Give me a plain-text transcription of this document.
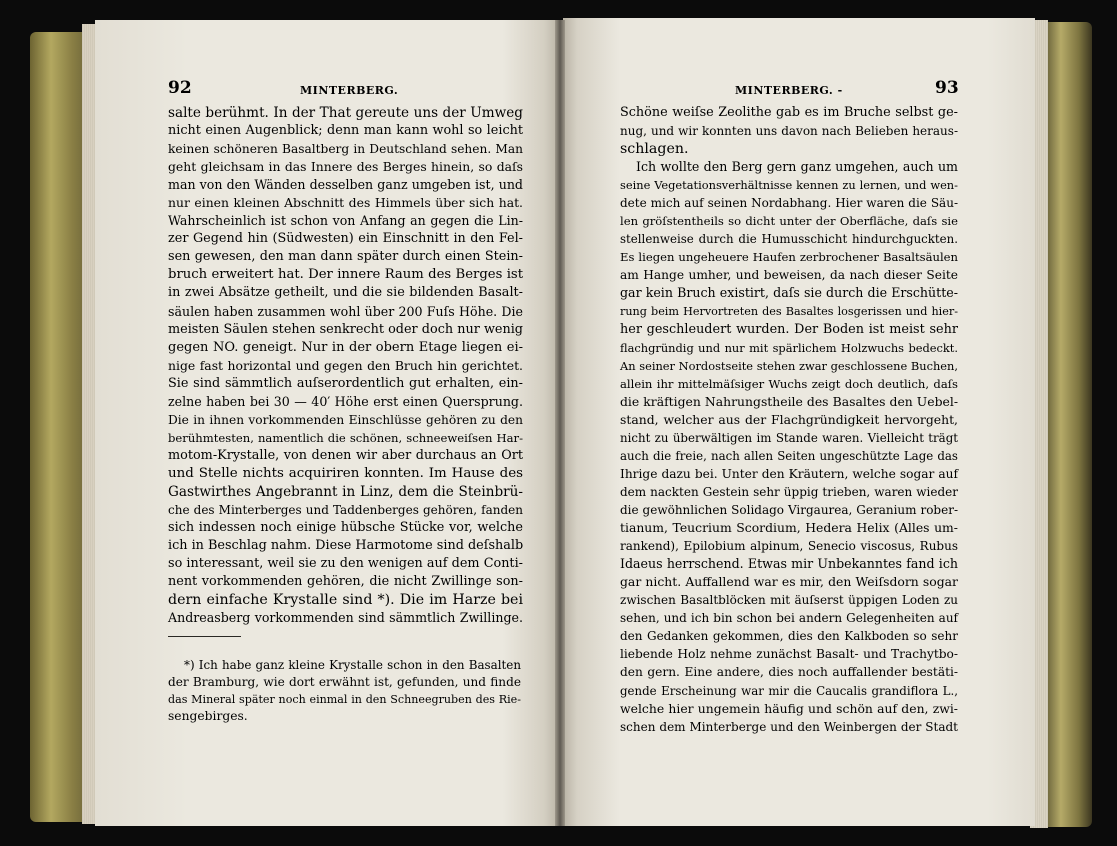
92	MINTERBERG.
salte berühmt. In der That gereute uns der Umweg
nicht einen Augenblick; denn man kann wohl so leicht
keinen schöneren Basaltberg in Deutschland sehen. Man
geht gleichsam in das Innere des Berges hinein, so daſs
man von den Wänden desselben ganz umgeben ist, und
nur einen kleinen Abschnitt des Himmels über sich hat.
Wahrscheinlich ist schon von Anfang an gegen die Lin-
zer Gegend hin (Südwesten) ein Einschnitt in den Fel-
sen gewesen, den man dann später durch einen Stein-
bruch erweitert hat. Der innere Raum des Berges ist
in zwei Absätze getheilt, und die sie bildenden Basalt-
säulen haben zusammen wohl über 200 Fuſs Höhe. Die
meisten Säulen stehen senkrecht oder doch nur wenig
gegen NO. geneigt. Nur in der obern Etage liegen ei-
nige fast horizontal und gegen den Bruch hin gerichtet.
Sie sind sämmtlich auſserordentlich gut erhalten, ein-
zelne haben bei 30 — 40′ Höhe erst einen Quersprung.
Die in ihnen vorkommenden Einschlüsse gehören zu den
berühmtesten, namentlich die schönen, schneeweiſsen Har-
motom-Krystalle, von denen wir aber durchaus an Ort
und Stelle nichts acquiriren konnten. Im Hause des
Gastwirthes Angebrannt in Linz, dem die Steinbrü-
che des Minterberges und Taddenberges gehören, fanden
sich indessen noch einige hübsche Stücke vor, welche
ich in Beschlag nahm. Diese Harmotome sind deſshalb
so interessant, weil sie zu den wenigen auf dem Conti-
nent vorkommenden gehören, die nicht Zwillinge son-
dern einfache Krystalle sind *). Die im Harze bei
Andreasberg vorkommenden sind sämmtlich Zwillinge.
*) Ich habe ganz kleine Krystalle schon in den Basalten
der Bramburg, wie dort erwähnt ist, gefunden, und finde
das Mineral später noch einmal in den Schneegruben des Rie-
sengebirges.
MINTERBERG. -	93
Schöne weiſse Zeolithe gab es im Bruche selbst ge-
nug, und wir konnten uns davon nach Belieben heraus-
schlagen.
Ich wollte den Berg gern ganz umgehen, auch um
seine Vegetationsverhältnisse kennen zu lernen, und wen-
dete mich auf seinen Nordabhang. Hier waren die Säu-
len gröſstentheils so dicht unter der Oberfläche, daſs sie
stellenweise durch die Humusschicht hindurchguckten.
Es liegen ungeheuere Haufen zerbrochener Basaltsäulen
am Hange umher, und beweisen, da nach dieser Seite
gar kein Bruch existirt, daſs sie durch die Erschütte-
rung beim Hervortreten des Basaltes losgerissen und hier-
her geschleudert wurden. Der Boden ist meist sehr
flachgründig und nur mit spärlichem Holzwuchs bedeckt.
An seiner Nordostseite stehen zwar geschlossene Buchen,
allein ihr mittelmäſsiger Wuchs zeigt doch deutlich, daſs
die kräftigen Nahrungstheile des Basaltes den Uebel-
stand, welcher aus der Flachgründigkeit hervorgeht,
nicht zu überwältigen im Stande waren. Vielleicht trägt
auch die freie, nach allen Seiten ungeschützte Lage das
Ihrige dazu bei. Unter den Kräutern, welche sogar auf
dem nackten Gestein sehr üppig trieben, waren wieder
die gewöhnlichen Solidago Virgaurea, Geranium rober-
tianum, Teucrium Scordium, Hedera Helix (Alles um-
rankend), Epilobium alpinum, Senecio viscosus, Rubus
Idaeus herrschend. Etwas mir Unbekanntes fand ich
gar nicht. Auffallend war es mir, den Weiſsdorn sogar
zwischen Basaltblöcken mit äuſserst üppigen Loden zu
sehen, und ich bin schon bei andern Gelegenheiten auf
den Gedanken gekommen, dies den Kalkboden so sehr
liebende Holz nehme zunächst Basalt- und Trachytbo-
den gern. Eine andere, dies noch auffallender bestäti-
gende Erscheinung war mir die Caucalis grandiflora L.,
welche hier ungemein häufig und schön auf den, zwi-
schen dem Minterberge und den Weinbergen der Stadt
